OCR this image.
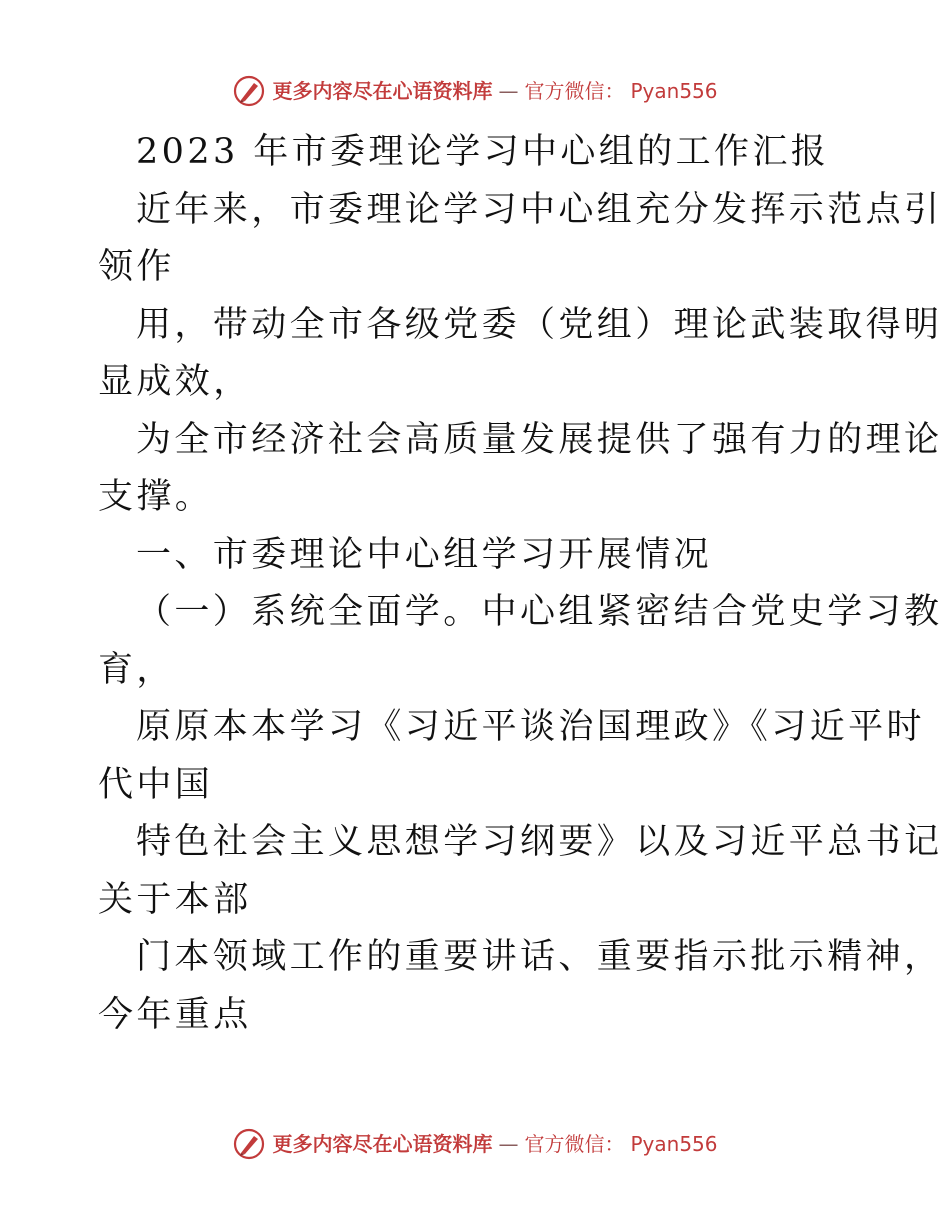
更多内容尽在心语资料库 — 官方微信： Pyan556
2023 年市委理论学习中心组的工作汇报
近年来，市委理论学习中心组充分发挥示范点引
领作
用，带动全市各级党委（党组）理论武装取得明
显成效，
为全市经济社会高质量发展提供了强有力的理论
支撑。
一、市委理论中心组学习开展情况
（一）系统全面学。中心组紧密结合党史学习教
育，
原原本本学习《习近平谈治国理政》《习近平时
代中国
特色社会主义思想学习纲要》以及习近平总书记
关于本部
门本领域工作的重要讲话、重要指示批示精神，
今年重点
更多内容尽在心语资料库 — 官方微信： Pyan556
